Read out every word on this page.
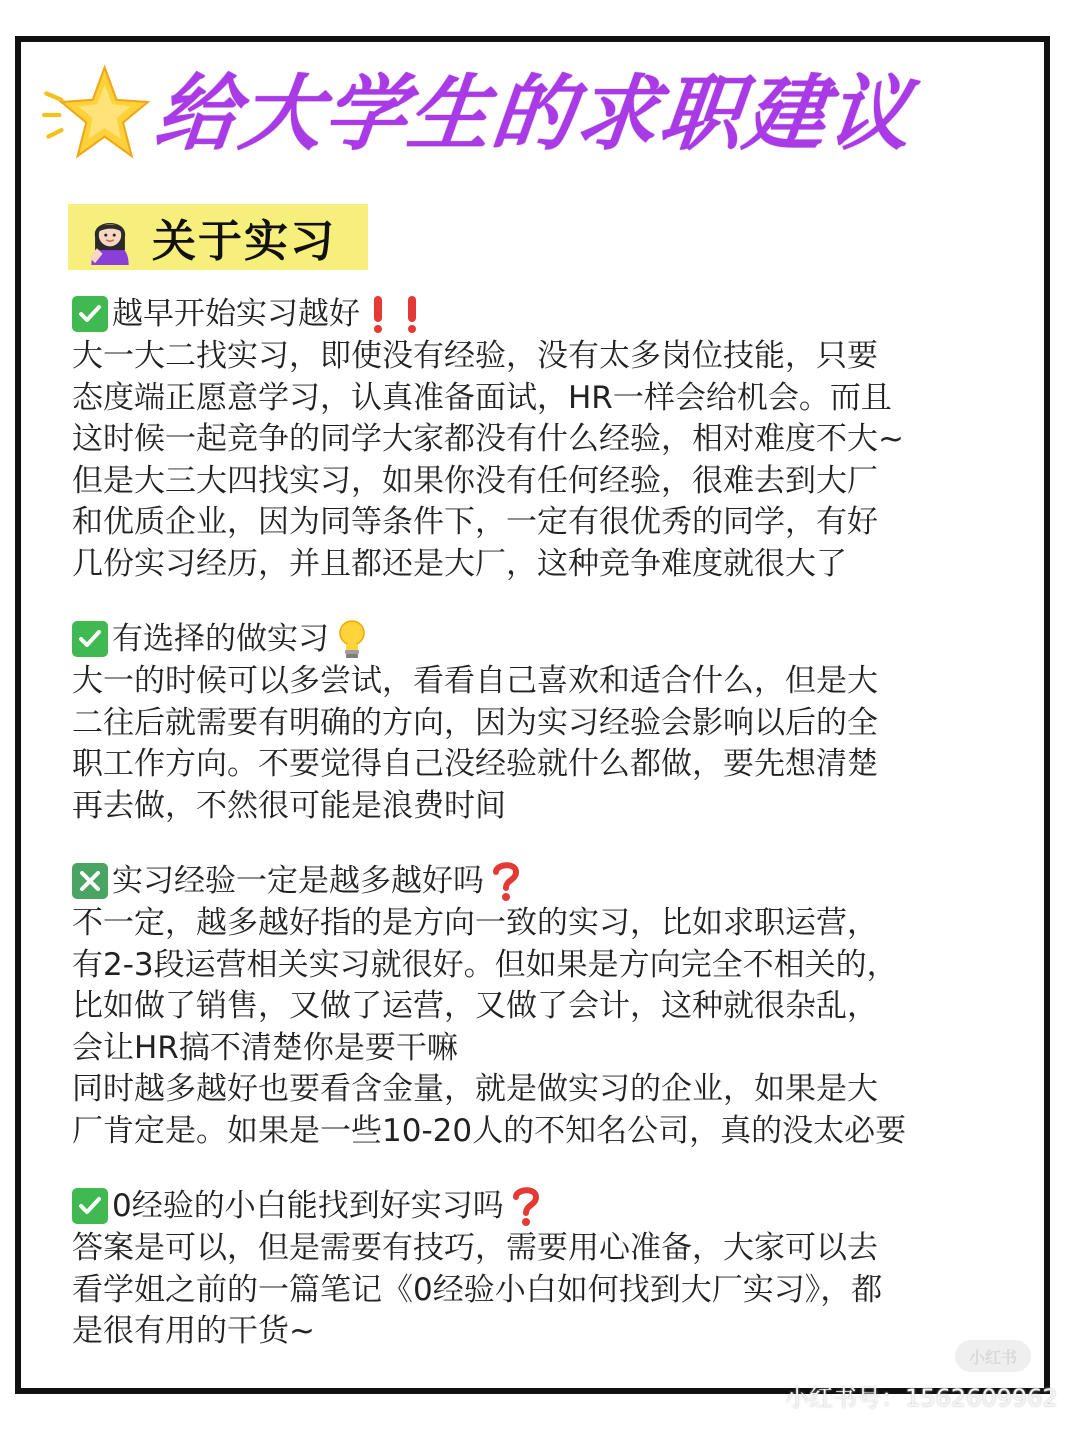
给大学生的求职建议
关于实习
越早开始实习越好
大一大二找实习，即使没有经验，没有太多岗位技能，只要
态度端正愿意学习，认真准备面试，HR一样会给机会。而且
这时候一起竞争的同学大家都没有什么经验，相对难度不大~
但是大三大四找实习，如果你没有任何经验，很难去到大厂
和优质企业，因为同等条件下，一定有很优秀的同学，有好
几份实习经历，并且都还是大厂，这种竞争难度就很大了
有选择的做实习
大一的时候可以多尝试，看看自己喜欢和适合什么，但是大
二往后就需要有明确的方向，因为实习经验会影响以后的全
职工作方向。不要觉得自己没经验就什么都做，要先想清楚
再去做，不然很可能是浪费时间
实习经验一定是越多越好吗
不一定，越多越好指的是方向一致的实习，比如求职运营，
有2-3段运营相关实习就很好。但如果是方向完全不相关的，
比如做了销售，又做了运营，又做了会计，这种就很杂乱，
会让HR搞不清楚你是要干嘛
同时越多越好也要看含金量，就是做实习的企业，如果是大
厂肯定是。如果是一些10-20人的不知名公司，真的没太必要
0经验的小白能找到好实习吗
答案是可以，但是需要有技巧，需要用心准备，大家可以去
看学姐之前的一篇笔记《0经验小白如何找到大厂实习》，都
是很有用的干货~
小红书
小红书号：1562609962
